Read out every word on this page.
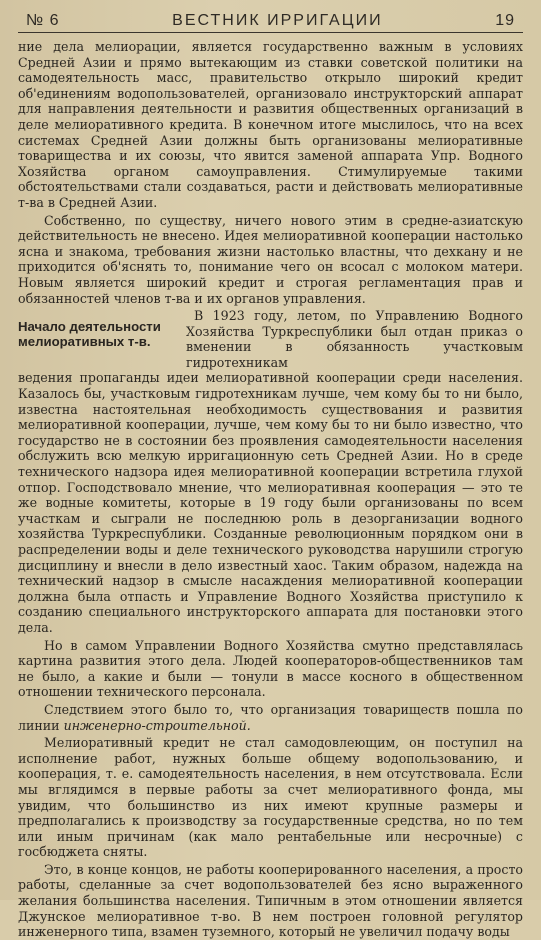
№ 6	ВЕСТНИК ИРРИГАЦИИ	19

ние дела мелиорации, является государственно важным в условиях Средней Азии и прямо вытекающим из ставки советской политики на самодеятельность масс, правительство открыло широкий кредит об'единениям водопользователей, организовало инструкторский аппарат для направления деятельности и развития общественных организаций в деле мелиоративного кредита. В конечном итоге мыслилось, что на всех системах Средней Азии должны быть организованы мелиоративные товарищества и их союзы, что явится заменой аппарата Упр. Водного Хозяйства органом самоуправления. Стимулируемые такими обстоятельствами стали создаваться, расти и действовать мелиоративные т-ва в Средней Азии.

Собственно, по существу, ничего нового этим в средне-азиатскую действительность не внесено. Идея мелиоративной кооперации настолько ясна и знакома, требования жизни настолько властны, что дехкану и не приходится об'яснять то, понимание чего он всосал с молоком матери. Новым является широкий кредит и строгая регламентация прав и обязанностей членов т-ва и их органов управления.

Начало деятельности мелиоративных т-в.
В 1923 году, летом, по Управлению Водного Хозяйства Туркреспублики был отдан приказ о вменении в обязанность участковым гидротехникам

ведения пропаганды идеи мелиоративной кооперации среди населения. Казалось бы, участковым гидротехникам лучше, чем кому бы то ни было, известна настоятельная необходимость существования и развития мелиоративной кооперации, лучше, чем кому бы то ни было известно, что государство не в состоянии без проявления самодеятельности населения обслужить всю мелкую ирригационную сеть Средней Азии. Но в среде технического надзора идея мелиоративной кооперации встретила глухой отпор. Господствовало мнение, что мелиоративная кооперация — это те же водные комитеты, которые в 19 году были организованы по всем участкам и сыграли не последнюю роль в дезорганизации водного хозяйства Туркреспублики. Созданные революционным порядком они в распределении воды и деле технического руководства нарушили строгую дисциплину и внесли в дело известный хаос. Таким образом, надежда на технический надзор в смысле насаждения мелиоративной кооперации должна была отпасть и Управление Водного Хозяйства приступило к созданию специального инструкторского аппарата для постановки этого дела.

Но в самом Управлении Водного Хозяйства смутно представлялась картина развития этого дела. Людей кооператоров-общественников там не было, а какие и были — тонули в массе косного в общественном отношении технического персонала.

Следствием этого было то, что организация товариществ пошла по линии инженерно-строительной.

Мелиоративный кредит не стал самодовлеющим, он поступил на исполнение работ, нужных больше общему водопользованию, и кооперация, т. е. самодеятельность населения, в нем отсутствовала. Если мы вглядимся в первые работы за счет мелиоративного фонда, мы увидим, что большинство из них имеют крупные размеры и предполагались к производству за государственные средства, но по тем или иным причинам (как мало рентабельные или несрочные) с госбюджета сняты.

Это, в конце концов, не работы кооперированного населения, а просто работы, сделанные за счет водопользователей без ясно выраженного желания большинства населения. Типичным в этом отношении является Джунское мелиоративное т-во. В нем построен головной регулятор инженерного типа, взамен туземного, который не увеличил подачу воды
